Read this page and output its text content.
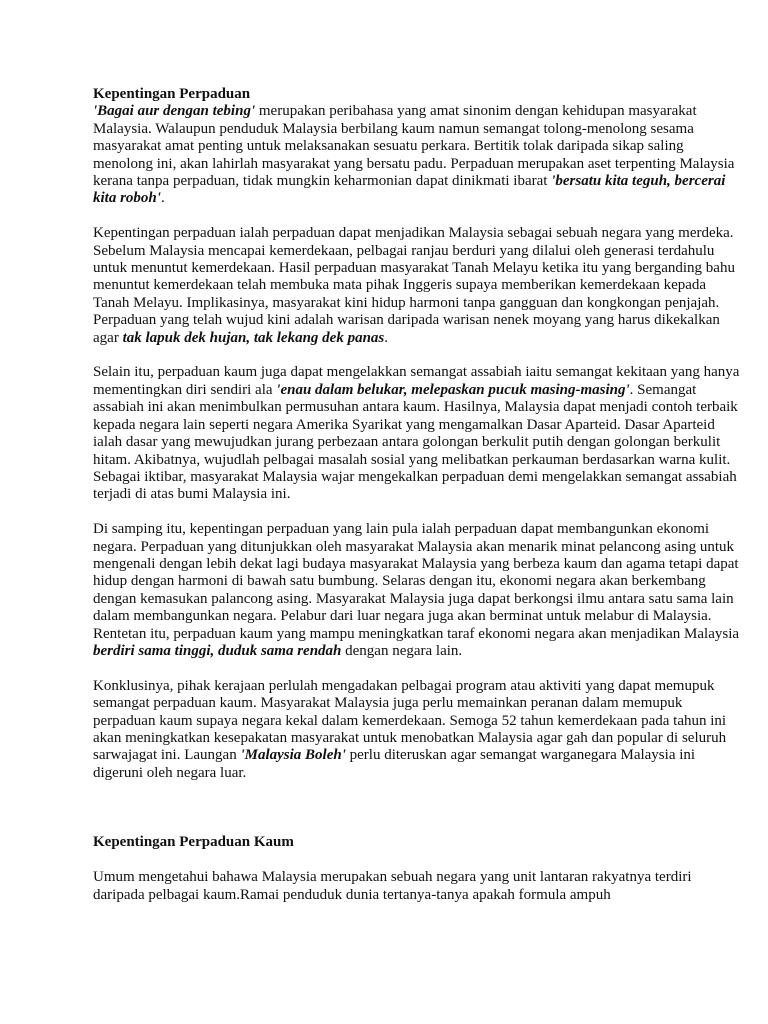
Kepentingan Perpaduan

'Bagai aur dengan tebing' merupakan peribahasa yang amat sinonim dengan kehidupan masyarakat Malaysia. Walaupun penduduk Malaysia berbilang kaum namun semangat tolong-menolong sesama masyarakat amat penting untuk melaksanakan sesuatu perkara. Bertitik tolak daripada sikap saling menolong ini, akan lahirlah masyarakat yang bersatu padu. Perpaduan merupakan aset terpenting Malaysia kerana tanpa perpaduan, tidak mungkin keharmonian dapat dinikmati ibarat 'bersatu kita teguh, bercerai kita roboh'.

Kepentingan perpaduan ialah perpaduan dapat menjadikan Malaysia sebagai sebuah negara yang merdeka. Sebelum Malaysia mencapai kemerdekaan, pelbagai ranjau berduri yang dilalui oleh generasi terdahulu untuk menuntut kemerdekaan. Hasil perpaduan masyarakat Tanah Melayu ketika itu yang berganding bahu menuntut kemerdekaan telah membuka mata pihak Inggeris supaya memberikan kemerdekaan kepada Tanah Melayu. Implikasinya, masyarakat kini hidup harmoni tanpa gangguan dan kongkongan penjajah. Perpaduan yang telah wujud kini adalah warisan daripada warisan nenek moyang yang harus dikekalkan agar tak lapuk dek hujan, tak lekang dek panas.

Selain itu, perpaduan kaum juga dapat mengelakkan semangat assabiah iaitu semangat kekitaan yang hanya mementingkan diri sendiri ala 'enau dalam belukar, melepaskan pucuk masing-masing'. Semangat assabiah ini akan menimbulkan permusuhan antara kaum. Hasilnya, Malaysia dapat menjadi contoh terbaik kepada negara lain seperti negara Amerika Syarikat yang mengamalkan Dasar Aparteid. Dasar Aparteid ialah dasar yang mewujudkan jurang perbezaan antara golongan berkulit putih dengan golongan berkulit hitam. Akibatnya, wujudlah pelbagai masalah sosial yang melibatkan perkauman berdasarkan warna kulit. Sebagai iktibar, masyarakat Malaysia wajar mengekalkan perpaduan demi mengelakkan semangat assabiah terjadi di atas bumi Malaysia ini.

Di samping itu, kepentingan perpaduan yang lain pula ialah perpaduan dapat membangunkan ekonomi negara. Perpaduan yang ditunjukkan oleh masyarakat Malaysia akan menarik minat pelancong asing untuk mengenali dengan lebih dekat lagi budaya masyarakat Malaysia yang berbeza kaum dan agama tetapi dapat hidup dengan harmoni di bawah satu bumbung. Selaras dengan itu, ekonomi negara akan berkembang dengan kemasukan palancong asing. Masyarakat Malaysia juga dapat berkongsi ilmu antara satu sama lain dalam membangunkan negara. Pelabur dari luar negara juga akan berminat untuk melabur di Malaysia. Rentetan itu, perpaduan kaum yang mampu meningkatkan taraf ekonomi negara akan menjadikan Malaysia berdiri sama tinggi, duduk sama rendah dengan negara lain.

Konklusinya, pihak kerajaan perlulah mengadakan pelbagai program atau aktiviti yang dapat memupuk semangat perpaduan kaum. Masyarakat Malaysia juga perlu memainkan peranan dalam memupuk perpaduan kaum supaya negara kekal dalam kemerdekaan. Semoga 52 tahun kemerdekaan pada tahun ini akan meningkatkan kesepakatan masyarakat untuk menobatkan Malaysia agar gah dan popular di seluruh sarwajagat ini. Laungan 'Malaysia Boleh' perlu diteruskan agar semangat warganegara Malaysia ini digeruni oleh negara luar.

Kepentingan Perpaduan Kaum

Umum mengetahui bahawa Malaysia merupakan sebuah negara yang unit lantaran rakyatnya terdiri daripada pelbagai kaum.Ramai penduduk dunia tertanya-tanya apakah formula ampuh
